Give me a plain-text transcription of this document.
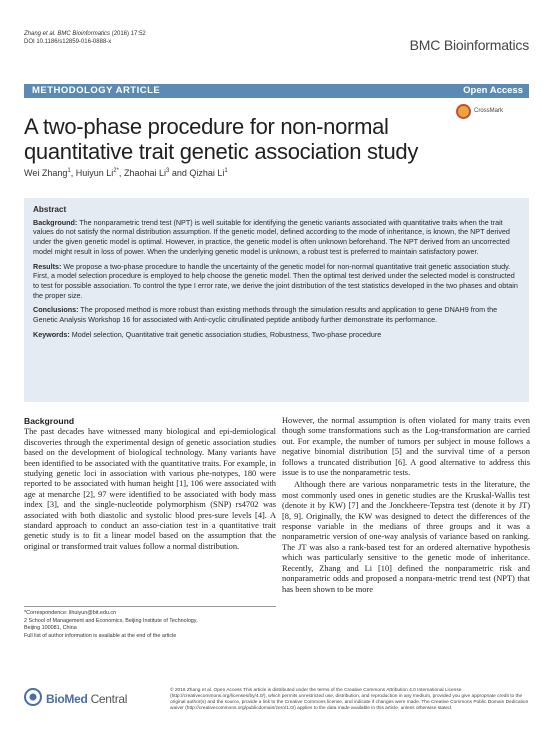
Zhang et al. BMC Bioinformatics (2016) 17:52
DOI 10.1186/s12859-016-0888-x	BMC Bioinformatics
METHODOLOGY ARTICLE	Open Access
CrossMark
A two-phase procedure for non-normal quantitative trait genetic association study
Wei Zhang$^1$, Huiyun $Li^{2*}$, Zhaohai Li$^3$ and Qizhai Li$^1$
Abstract

Background: The nonparametric trend test (NPT) is well suitable for identifying the genetic variants associated with quantitative traits when the trait values do not satisfy the normal distribution assumption. If the genetic model, defined according to the mode of inheritance, is known, the NPT derived under the given genetic model is optimal. However, in practice, the genetic model is often unknown beforehand. The NPT derived from an uncorrected model might result in loss of power. When the underlying genetic model is unknown, a robust test is preferred to maintain satisfactory power.

Results: We propose a two-phase procedure to handle the uncertainty of the genetic model for non-normal quantitative trait genetic association study. First, a model selection procedure is employed to help choose the genetic model. Then the optimal test derived under the selected model is constructed to test for possible association. To control the type I error rate, we derive the joint distribution of the test statistics developed in the two phases and obtain the proper size.

Conclusions: The proposed method is more robust than existing methods through the simulation results and application to gene DNAH9 from the Genetic Analysis Workshop 16 for associated with Anti-cyclic citrullinated peptide antibody further demonstrate its performance.

Keywords: Model selection, Quantitative trait genetic association studies, Robustness, Two-phase procedure

Background

The past decades have witnessed many biological and epi-demiological discoveries through the experimental design of genetic association studies based on the development of biological technology. Many variants have been identified to be associated with the quantitative traits. For example, in studying genetic loci in association with various phe-notypes, 180 were reported to be associated with human height [1], 106 were associated with age at menarche [2], 97 were identified to be associated with body mass index [3], and the single-nucleotide polymorphism (SNP) rs4702 was associated with both diastolic and systolic blood pres-sure levels [4]. A standard approach to conduct an asso-ciation test in a quantitative trait genetic study is to fit a linear model based on the assumption that the original or transformed trait values follow a normal distribution.

However, the normal assumption is often violated for many traits even though some transformations such as the Log-transformation are carried out. For example, the number of tumors per subject in mouse follows a negative binomial distribution [5] and the survival time of a person follows a truncated distribution [6]. A good alternative to address this issue is to use the nonparametric tests.

Although there are various nonparametric tests in the literature, the most commonly used ones in genetic studies are the Kruskal-Wallis test (denote it by KW) [7] and the Jonckheere-Tepstra test (denote it by JT) [8, 9]. Originally, the KW was designed to detect the differences of the response variable in the medians of three groups and it was a nonparametric version of one-way analysis of variance based on ranking. The JT was also a rank-based test for an ordered alternative hypothesis which was particularly sensitive to the genetic mode of inheritance. Recently, Zhang and Li [10] defined the nonparametric risk and nonparametric odds and proposed a nonpara-metric trend test (NPT) that has been shown to be more

*Correspondence: lihuiyun@bit.edu.cn
2 School of Management and Economics, Beijing Institute of Technology,
Beijing 100081, China
Full list of author information is available at the end of the article
BioMed Central
© 2016 Zhang et al. Open Access This article is distributed under the terms of the Creative Commons Attribution 4.0 International License (http://creativecommons.org/licenses/by/4.0/), which permits unrestricted use, distribution, and reproduction in any medium, provided you give appropriate credit to the original author(s) and the source, provide a link to the Creative Commons license, and indicate if changes were made. The Creative Commons Public Domain Dedication waiver (http://creativecommons.org/publicdomain/zero/1.0/) applies to the data made available in this article, unless otherwise stated.
